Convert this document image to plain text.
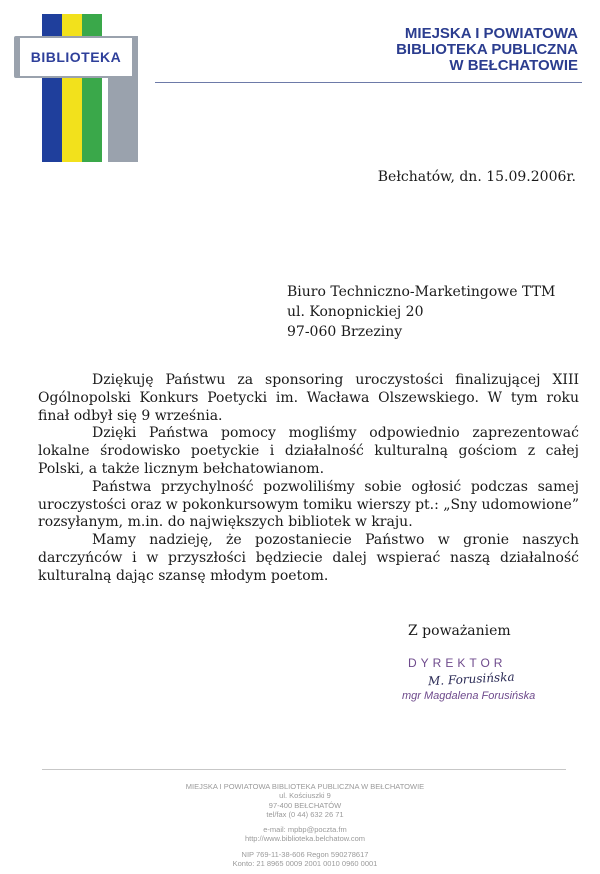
BIBLIOTEKA
MIEJSKA I POWIATOWA
BIBLIOTEKA PUBLICZNA
W BEŁCHATOWIE
Bełchatów, dn. 15.09.2006r.
Biuro Techniczno-Marketingowe TTM
ul. Konopnickiej 20
97-060 Brzeziny

Dziękuję Państwu za sponsoring uroczystości finalizującej XIII Ogólnopolski Konkurs Poetycki im. Wacława Olszewskiego. W tym roku finał odbył się 9 września.

Dzięki Państwa pomocy mogliśmy odpowiednio zaprezentować lokalne środowisko poetyckie i działalność kulturalną gościom z całej Polski, a także licznym bełchatowianom.

Państwa przychylność pozwoliliśmy sobie ogłosić podczas samej uroczystości oraz w pokonkursowym tomiku wierszy pt.: „Sny udomowione” rozsyłanym, m.in. do największych bibliotek w kraju.

Mamy nadzieję, że pozostaniecie Państwo w gronie naszych darczyńców i w przyszłości będziecie dalej wspierać naszą działalność kulturalną dając szansę młodym poetom.

Z poważaniem
DYREKTOR
M. Forusińska
mgr Magdalena Forusińska
MIEJSKA I POWIATOWA BIBLIOTEKA PUBLICZNA W BEŁCHATOWIE
ul. Kościuszki 9
97-400 BEŁCHATÓW
tel/fax (0 44) 632 26 71
e-mail: mpbp@poczta.fm
http://www.biblioteka.belchatow.com
NIP 769-11-38-606 Regon 590278617
Konto: 21 8965 0009 2001 0010 0960 0001
